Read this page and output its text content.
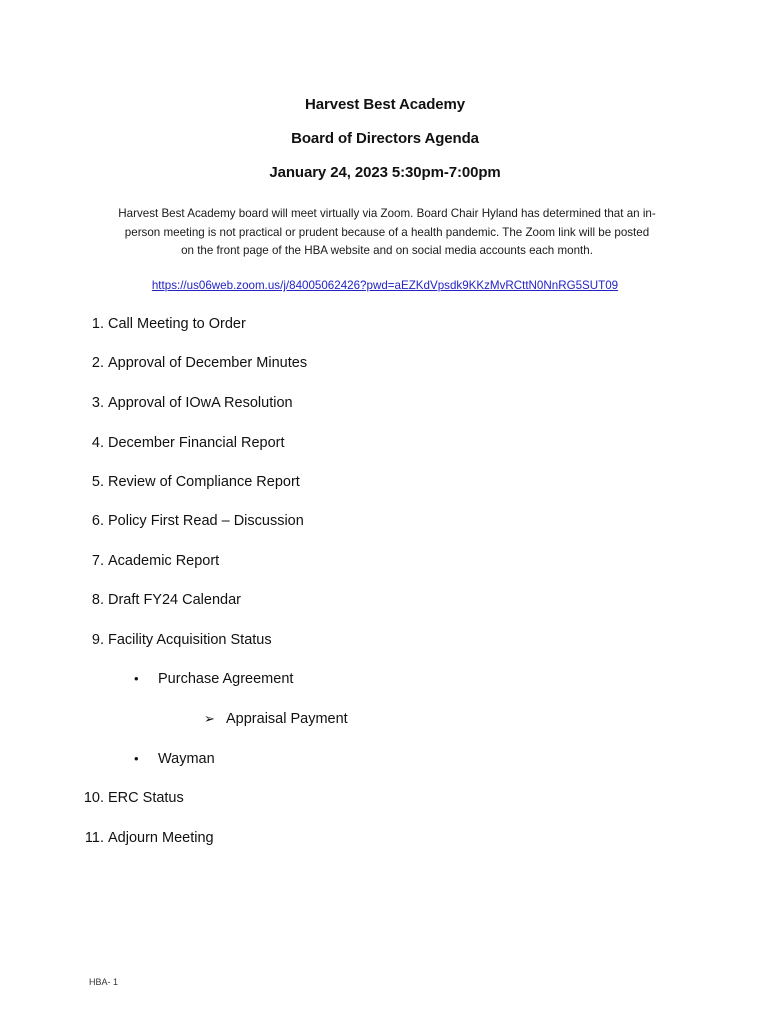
Harvest Best Academy
Board of Directors Agenda
January 24, 2023 5:30pm-7:00pm
Harvest Best Academy board will meet virtually via Zoom. Board Chair Hyland has determined that an in-
person meeting is not practical or prudent because of a health pandemic. The Zoom link will be posted
on the front page of the HBA website and on social media accounts each month.
https://us06web.zoom.us/j/84005062426?pwd=aEZKdVpsdk9KKzMvRCttN0NnRG5SUT09
1. Call Meeting to Order
2. Approval of December Minutes
3. Approval of IOwA Resolution
4. December Financial Report
5. Review of Compliance Report
6. Policy First Read – Discussion
7. Academic Report
8. Draft FY24 Calendar
9. Facility Acquisition Status
• Purchase Agreement
➢ Appraisal Payment
• Wayman
10. ERC Status
11. Adjourn Meeting
HBA- 1
